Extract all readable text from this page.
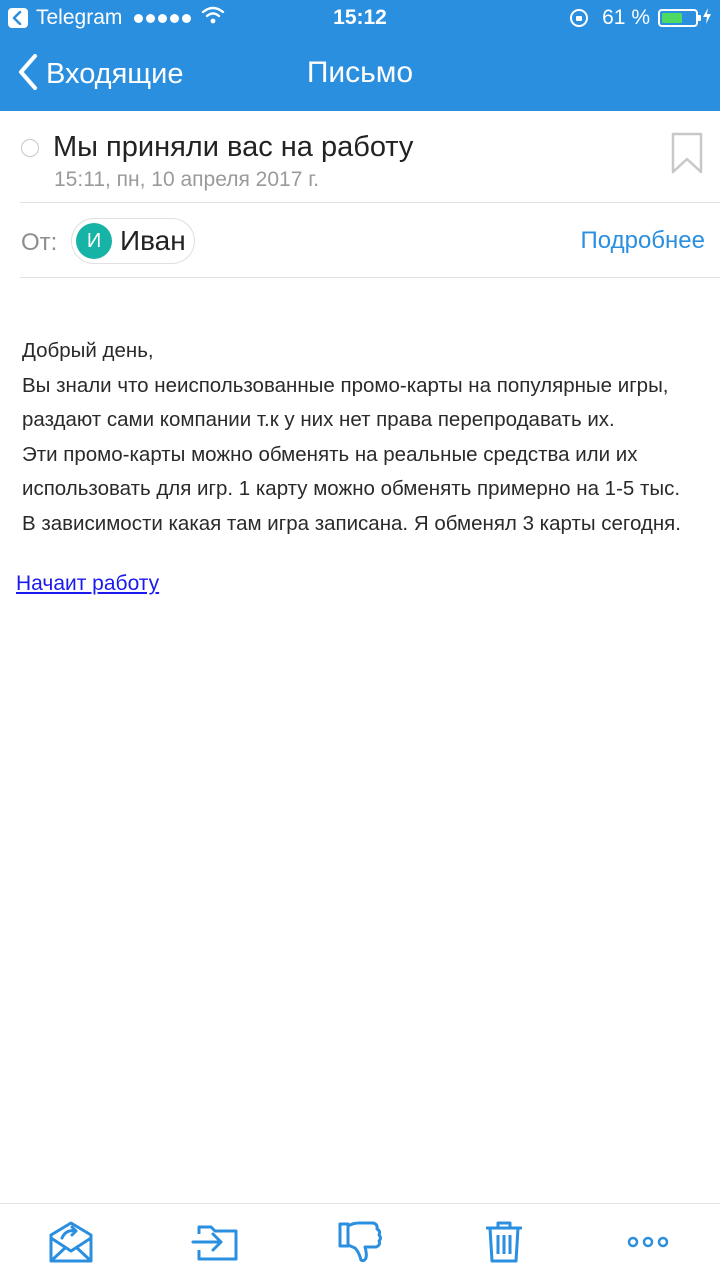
Telegram	15:12	61 %
Входящие	Письмо
Мы приняли вас на работу
15:11, пн, 10 апреля 2017 г.
От:	И Иван	Подробнее

Добрый день,

Вы знали что неиспользованные промо-карты на популярные игры,

раздают сами компании т.к у них нет права перепродавать их.

Эти промо-карты можно обменять на реальные средства или их

использовать для игр. 1 карту можно обменять примерно на 1-5 тыс.

В зависимости какая там игра записана. Я обменял 3 карты сегодня.

Начаит работу
